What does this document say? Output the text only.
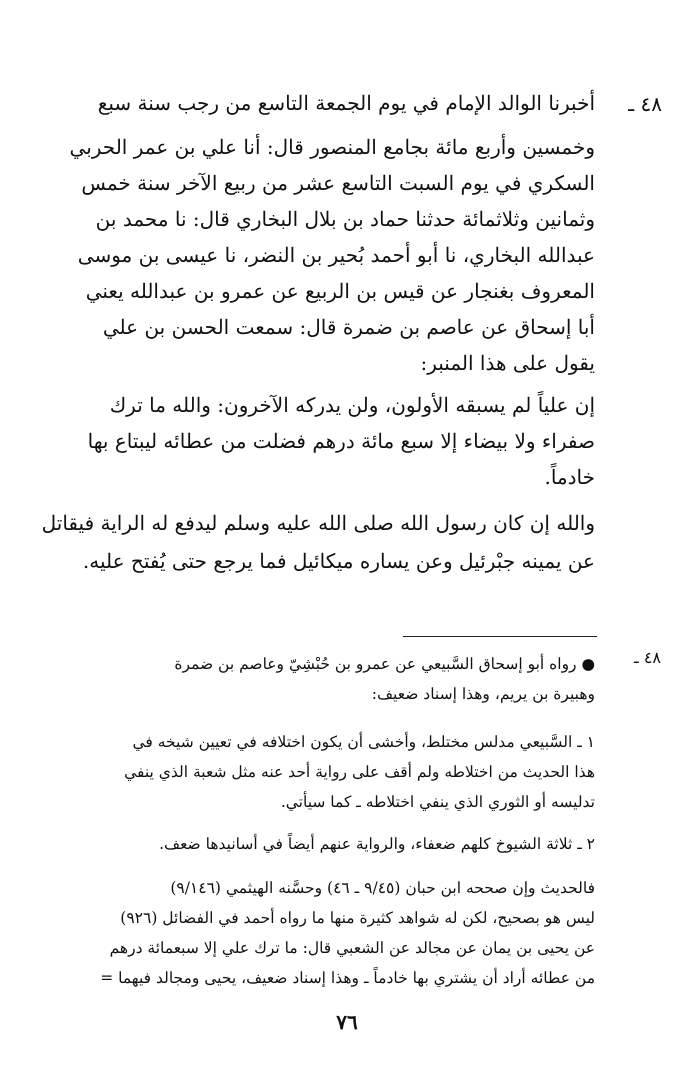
٤٨ ـ
أخبرنا الوالد الإمام في يوم الجمعة التاسع من رجب سنة سبع
وخمسين وأربع مائة بجامع المنصور قال: أنا علي بن عمر الحربي
السكري في يوم السبت التاسع عشر من ربيع الآخر سنة خمس
وثمانين وثلاثمائة حدثنا حماد بن بلال البخاري قال: نا محمد بن
عبدالله البخاري، نا أبو أحمد بُحير بن النضر، نا عيسى بن موسى
المعروف بغنجار عن قيس بن الربيع عن عمرو بن عبدالله يعني
أبا إسحاق عن عاصم بن ضمرة قال: سمعت الحسن بن علي
يقول على هذا المنبر:
إن علياً لم يسبقه الأولون، ولن يدركه الآخرون: والله ما ترك
صفراء ولا بيضاء إلا سبع مائة درهم فضلت من عطائه ليبتاع بها
خادماً.
والله إن كان رسول الله صلى الله عليه وسلم ليدفع له الراية فيقاتل
عن يمينه جبْرئيل وعن يساره ميكائيل فما يرجع حتى يُفتح عليه.
٤٨ ـ
● رواه أبو إسحاق السَّبيعي عن عمرو بن حُبْشِيّ وعاصم بن ضمرة
وهبيرة بن يريم، وهذا إسناد ضعيف:
١ ـ السَّبيعي مدلس مختلط، وأخشى أن يكون اختلافه في تعيين شيخه في
هذا الحديث من اختلاطه ولم أقف على رواية أحد عنه مثل شعبة الذي ينفي
تدليسه أو الثوري الذي ينفي اختلاطه ـ كما سيأتي.
٢ ـ ثلاثة الشيوخ كلهم ضعفاء، والرواية عنهم أيضاً في أسانيدها ضعف.
فالحديث وإن صححه ابن حبان (٩/٤٥ ـ ٤٦) وحسَّنه الهيثمي (٩/١٤٦)
ليس هو بصحيح، لكن له شواهد كثيرة منها ما رواه أحمد في الفضائل (٩٢٦)
عن يحيى بن يمان عن مجالد عن الشعبي قال: ما ترك علي إلا سبعمائة درهم
من عطائه أراد أن يشتري بها خادماً ـ وهذا إسناد ضعيف، يحيى ومجالد فيهما =
٧٦
